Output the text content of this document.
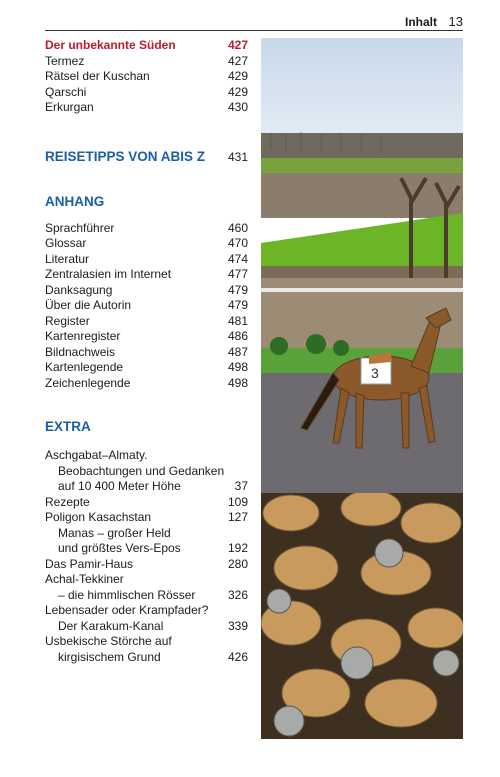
Inhalt 13
Der unbekannte Süden	427
Termez	427
Rätsel der Kuschan	429
Qarschi	429
Erkurgan	430
REISETIPPS VON ABIS Z 431
ANHANG
Sprachführer	460
Glossar	470
Literatur	474
Zentralasien im Internet	477
Danksagung	479
Über die Autorin	479
Register	481
Kartenregister	486
Bildnachweis	487
Kartenlegende	498
Zeichenlegende	498
EXTRA
Aschgabat–Almaty.
Beobachtungen und Gedanken
auf 10 400 Meter Höhe	37
Rezepte	109
Poligon Kasachstan	127
Manas – großer Held
und größtes Vers-Epos	192
Das Pamir-Haus	280
Achal-Tekkiner
– die himmlischen Rösser	326
Lebensader oder Krampfader?
Der Karakum-Kanal	339
Usbekische Störche auf
kirgisischem Grund	426
3
